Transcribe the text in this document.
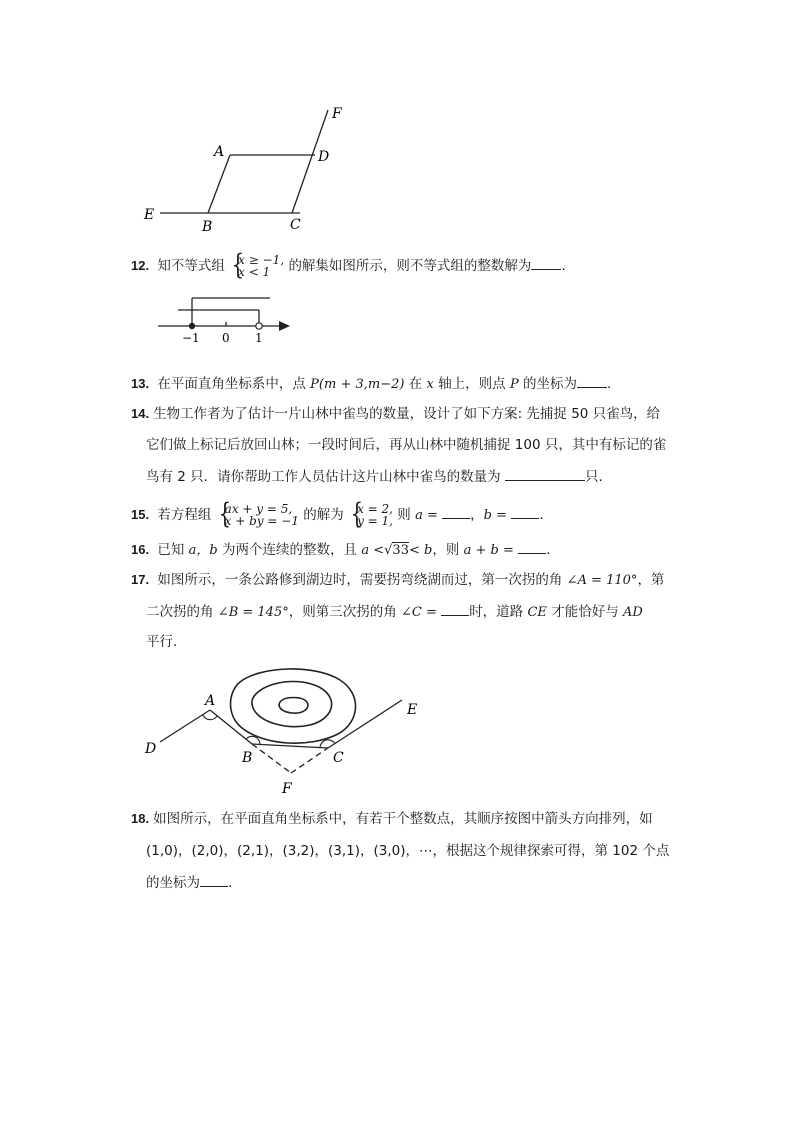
F
A	D
E
B	C
12. 知不等式组 {
x ≥ −1,
x < 1	的解集如图所示，则不等式组的整数解为 .
−1 0 1
13. 在平面直角坐标系中，点 P(m + 3,m−2) 在 x 轴上，则点 P 的坐标为 .
14. 生物工作者为了估计一片山林中雀鸟的数量，设计了如下方案: 先捕捉 50 只雀鸟，给
它们做上标记后放回山林；一段时间后，再从山林中随机捕捉 100 只，其中有标记的雀
鸟有 2 只．请你帮助工作人员估计这片山林中雀鸟的数量为	只.
15. 若方程组 {
ax + y = 5,
x + by = −1 的解为 {
x = 2,
y = 1, 则 a = ，b = .
16. 已知 a，b 为两个连续的整数，且 a <√33< b，则 a + b = .
17. 如图所示，一条公路修到湖边时，需要拐弯绕湖而过，第一次拐的角 ∠A = 110°，第
二次拐的角 ∠B = 145°，则第三次拐的角 ∠C = 时，道路 CE 才能恰好与 AD
平行.
A
D
B	C
E
F
18. 如图所示，在平面直角坐标系中，有若干个整数点，其顺序按图中箭头方向排列，如
(1,0)，(2,0)，(2,1)，(3,2)，(3,1)，(3,0)，⋯，根据这个规律探索可得，第 102 个点
的坐标为 .
